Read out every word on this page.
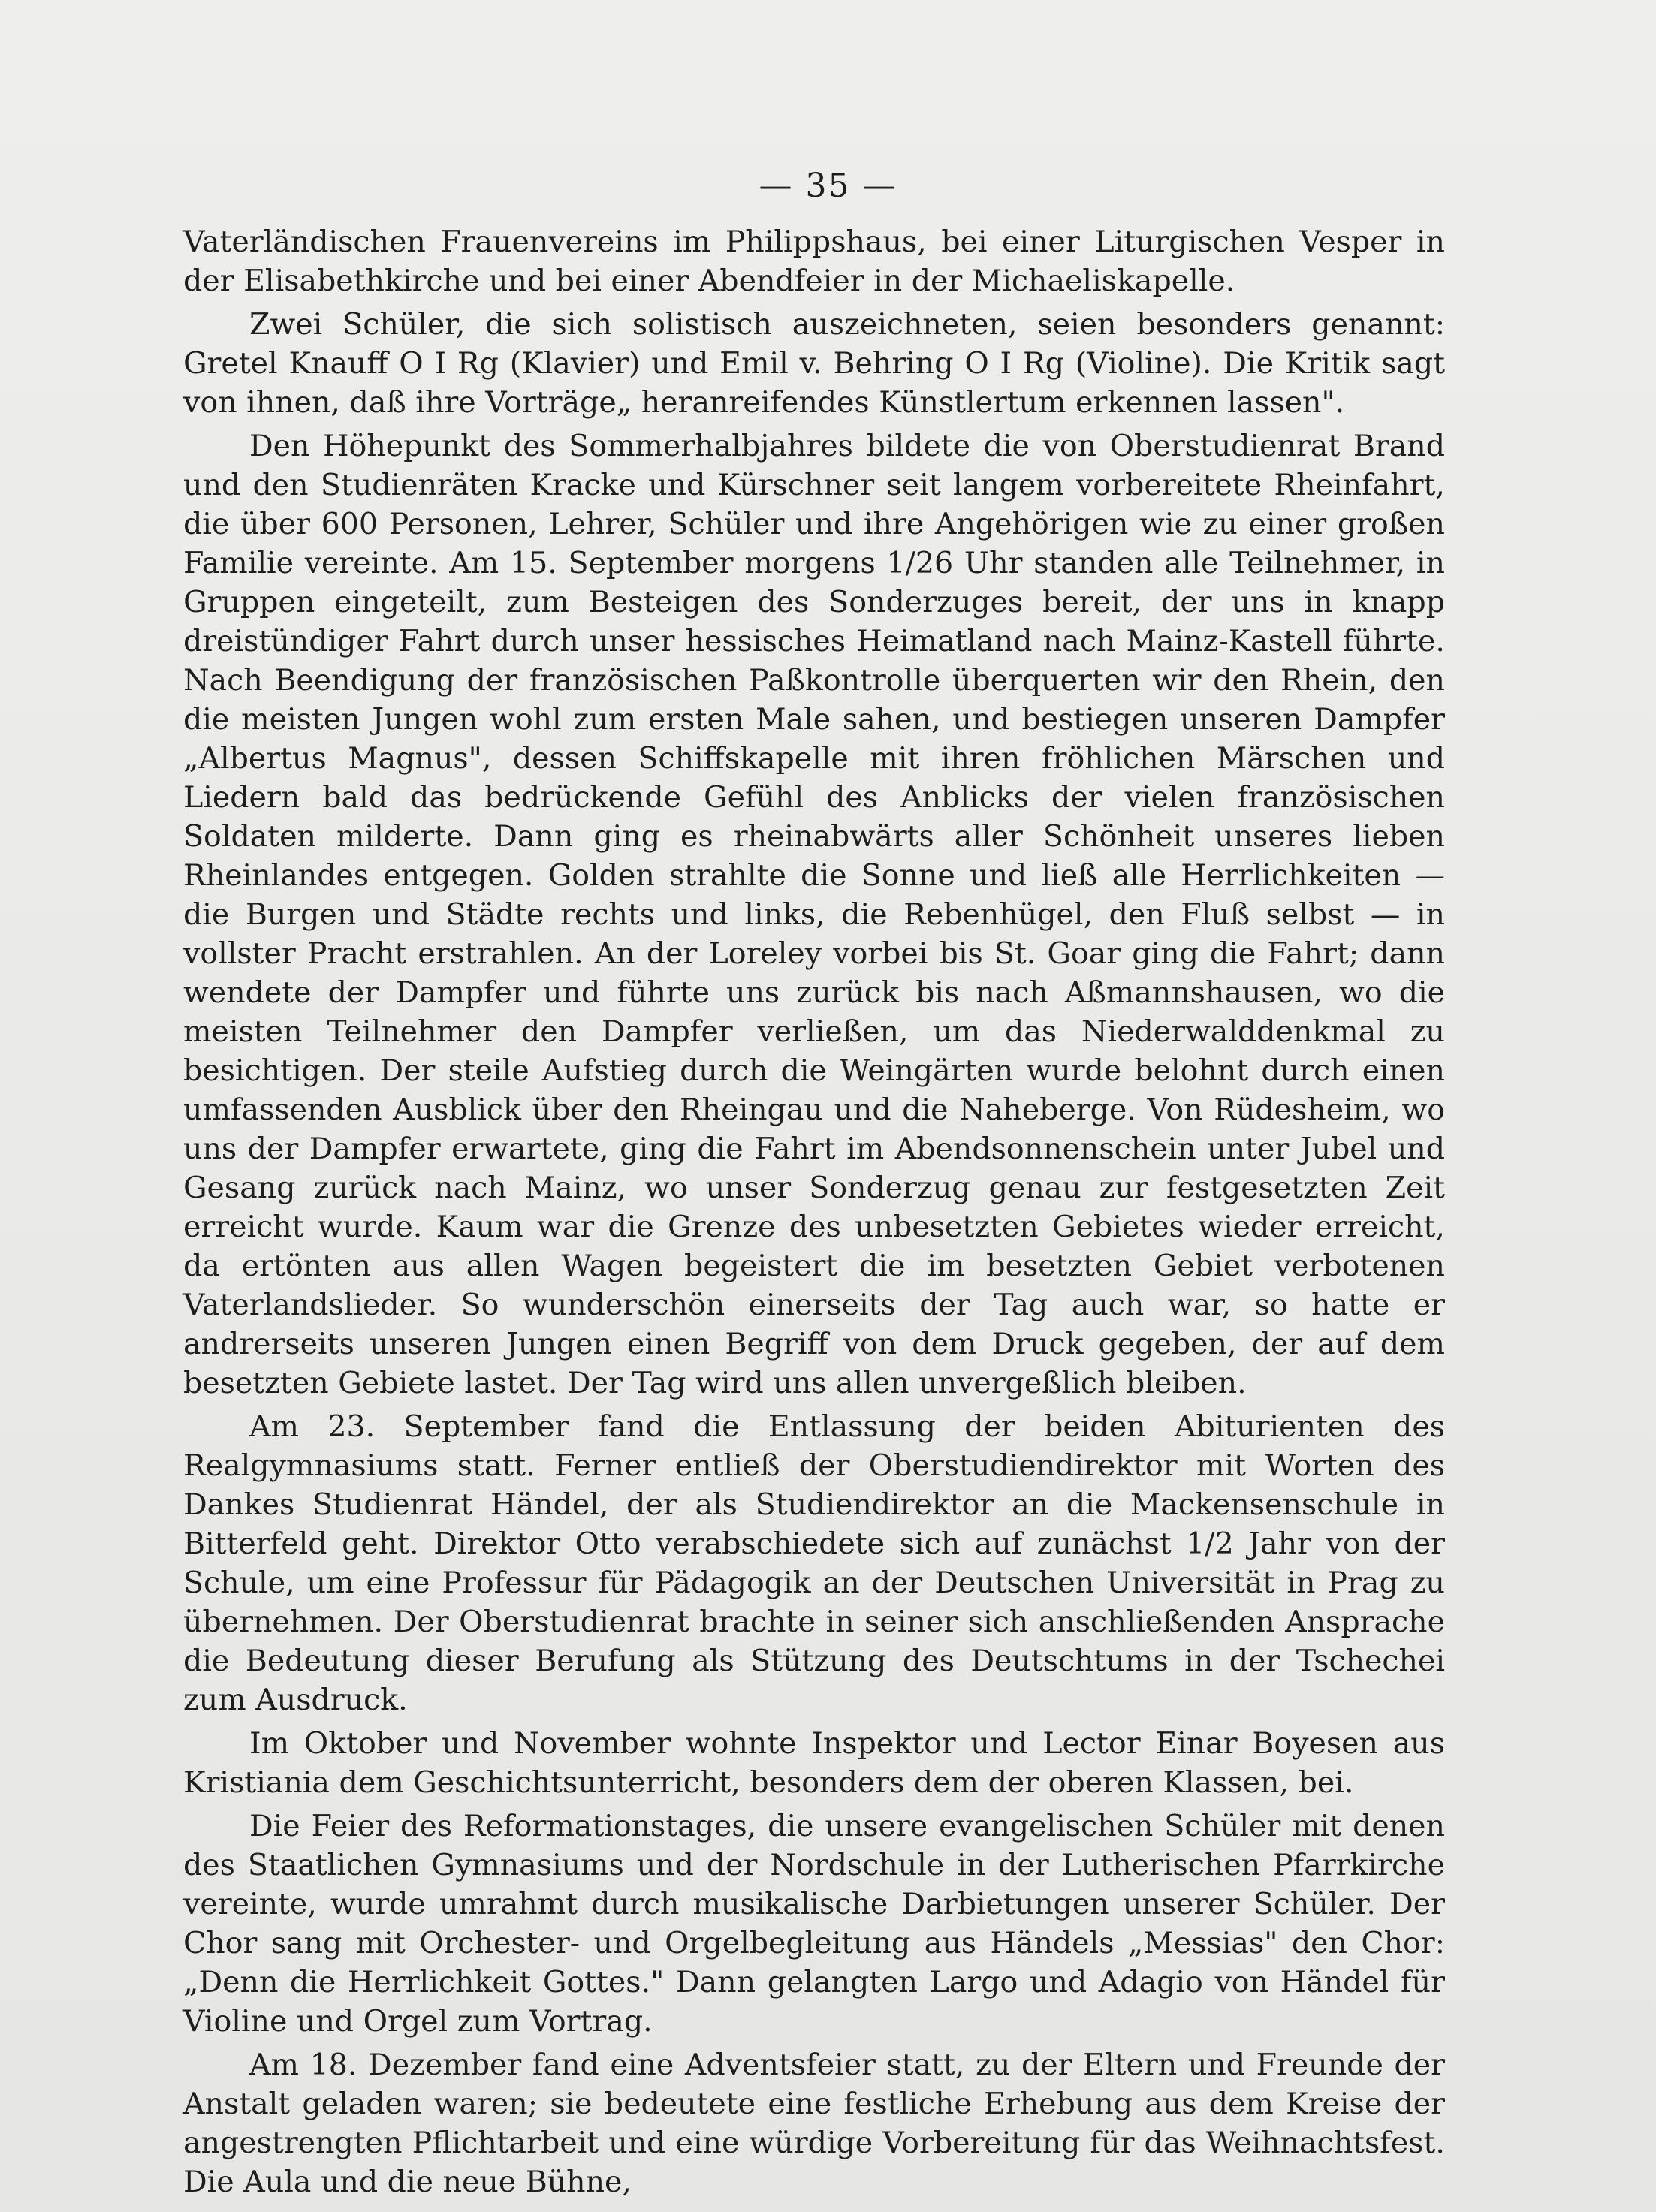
— 35 —

Vaterländischen Frauenvereins im Philippshaus, bei einer Liturgischen Vesper in der Elisabethkirche und bei einer Abendfeier in der Michaeliskapelle.

Zwei Schüler, die sich solistisch auszeichneten, seien besonders genannt: Gretel Knauff O I Rg (Klavier) und Emil v. Behring O I Rg (Violine). Die Kritik sagt von ihnen, daß ihre Vorträge„ heranreifendes Künstlertum erkennen lassen".

Den Höhepunkt des Sommerhalbjahres bildete die von Oberstudienrat Brand und den Studienräten Kracke und Kürschner seit langem vorbereitete Rheinfahrt, die über 600 Personen, Lehrer, Schüler und ihre Angehörigen wie zu einer großen Familie vereinte. Am 15. September morgens 1/26 Uhr standen alle Teilnehmer, in Gruppen eingeteilt, zum Besteigen des Sonderzuges bereit, der uns in knapp dreistündiger Fahrt durch unser hessisches Heimatland nach Mainz-Kastell führte. Nach Beendigung der französischen Paßkontrolle überquerten wir den Rhein, den die meisten Jungen wohl zum ersten Male sahen, und bestiegen unseren Dampfer „Albertus Magnus", dessen Schiffskapelle mit ihren fröhlichen Märschen und Liedern bald das bedrückende Gefühl des Anblicks der vielen französischen Soldaten milderte. Dann ging es rheinabwärts aller Schönheit unseres lieben Rheinlandes entgegen. Golden strahlte die Sonne und ließ alle Herrlichkeiten — die Burgen und Städte rechts und links, die Rebenhügel, den Fluß selbst — in vollster Pracht erstrahlen. An der Loreley vorbei bis St. Goar ging die Fahrt; dann wendete der Dampfer und führte uns zurück bis nach Aßmannshausen, wo die meisten Teilnehmer den Dampfer verließen, um das Niederwalddenkmal zu besichtigen. Der steile Aufstieg durch die Weingärten wurde belohnt durch einen umfassenden Ausblick über den Rheingau und die Naheberge. Von Rüdesheim, wo uns der Dampfer erwartete, ging die Fahrt im Abendsonnenschein unter Jubel und Gesang zurück nach Mainz, wo unser Sonderzug genau zur festgesetzten Zeit erreicht wurde. Kaum war die Grenze des unbesetzten Gebietes wieder erreicht, da ertönten aus allen Wagen begeistert die im besetzten Gebiet verbotenen Vaterlandslieder. So wunderschön einerseits der Tag auch war, so hatte er andrerseits unseren Jungen einen Begriff von dem Druck gegeben, der auf dem besetzten Gebiete lastet. Der Tag wird uns allen unvergeßlich bleiben.

Am 23. September fand die Entlassung der beiden Abiturienten des Realgymnasiums statt. Ferner entließ der Oberstudiendirektor mit Worten des Dankes Studienrat Händel, der als Studiendirektor an die Mackensenschule in Bitterfeld geht. Direktor Otto verabschiedete sich auf zunächst 1/2 Jahr von der Schule, um eine Professur für Pädagogik an der Deutschen Universität in Prag zu übernehmen. Der Oberstudienrat brachte in seiner sich anschließenden Ansprache die Bedeutung dieser Berufung als Stützung des Deutschtums in der Tschechei zum Ausdruck.

Im Oktober und November wohnte Inspektor und Lector Einar Boyesen aus Kristiania dem Geschichtsunterricht, besonders dem der oberen Klassen, bei.

Die Feier des Reformationstages, die unsere evangelischen Schüler mit denen des Staatlichen Gymnasiums und der Nordschule in der Lutherischen Pfarrkirche vereinte, wurde umrahmt durch musikalische Darbietungen unserer Schüler. Der Chor sang mit Orchester- und Orgelbegleitung aus Händels „Messias" den Chor: „Denn die Herrlichkeit Gottes." Dann gelangten Largo und Adagio von Händel für Violine und Orgel zum Vortrag.

Am 18. Dezember fand eine Adventsfeier statt, zu der Eltern und Freunde der Anstalt geladen waren; sie bedeutete eine festliche Erhebung aus dem Kreise der angestrengten Pflichtarbeit und eine würdige Vorbereitung für das Weihnachtsfest. Die Aula und die neue Bühne,
